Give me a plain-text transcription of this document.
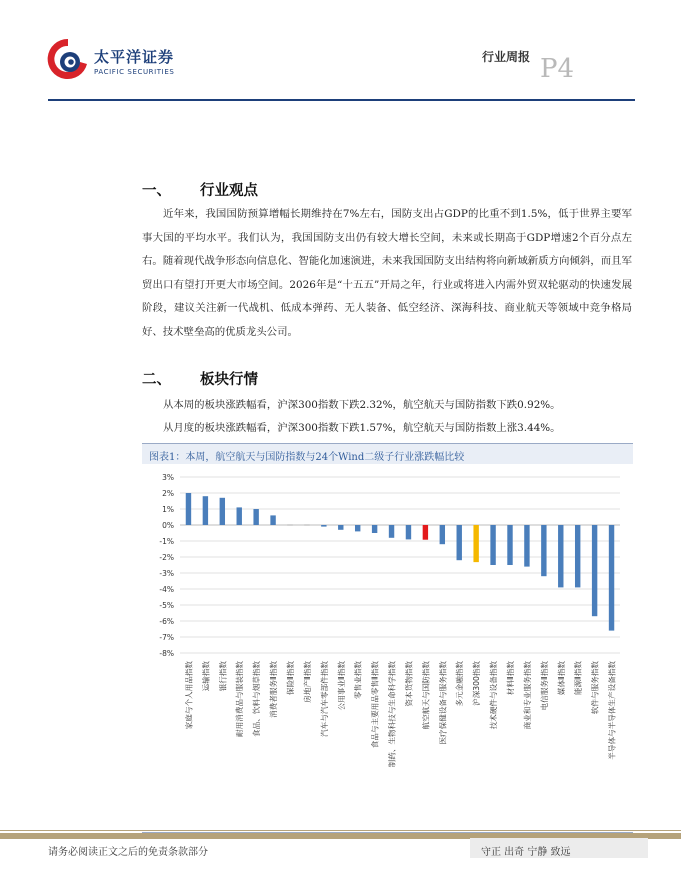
太平洋证券
PACIFIC SECURITIES
行业周报 P4
一、 行业观点
近年来，我国国防预算增幅长期维持在7%左右，国防支出占GDP的比重不到1.5%，低于世界主要军事大国的平均水平。我们认为，我国国防支出仍有较大增长空间，未来或长期高于GDP增速2个百分点左右。随着现代战争形态向信息化、智能化加速演进，未来我国国防支出结构将向新域新质方向倾斜，而且军贸出口有望打开更大市场空间。2026年是“十五五”开局之年，行业或将进入内需外贸双轮驱动的快速发展阶段，建议关注新一代战机、低成本弹药、无人装备、低空经济、深海科技、商业航天等领域中竞争格局好、技术壁垒高的优质龙头公司。
二、 板块行情
从本周的板块涨跌幅看，沪深300指数下跌2.32%，航空航天与国防指数下跌0.92%。
从月度的板块涨跌幅看，沪深300指数下跌1.57%，航空航天与国防指数上涨3.44%。
图表1：本周，航空航天与国防指数与24个Wind二级子行业涨跌幅比较
3%
2%
1%
0%
-1%
-2%
-3%
-4%
-5%
-6%
-7%
-8%
家庭与个人用品指数 运输指数 银行指数 耐用消费品与服装指数 食品、饮料与烟草指数 消费者服务Ⅱ指数 保险Ⅱ指数 房地产Ⅱ指数 汽车与汽车零部件指数 公用事业Ⅱ指数 零售业指数 食品与主要用品零售Ⅱ指数 制药、生物科技与生命科学指数 资本货物指数 航空航天与国防指数 医疗保健设备与服务指数 多元金融指数 沪深300指数 技术硬件与设备指数 材料Ⅱ指数 商业和专业服务指数 电信服务Ⅱ指数 媒体Ⅱ指数 能源Ⅱ指数 软件与服务指数 半导体与半导体生产设备指数
请务必阅读正文之后的免责条款部分	守正 出奇 宁静 致远
